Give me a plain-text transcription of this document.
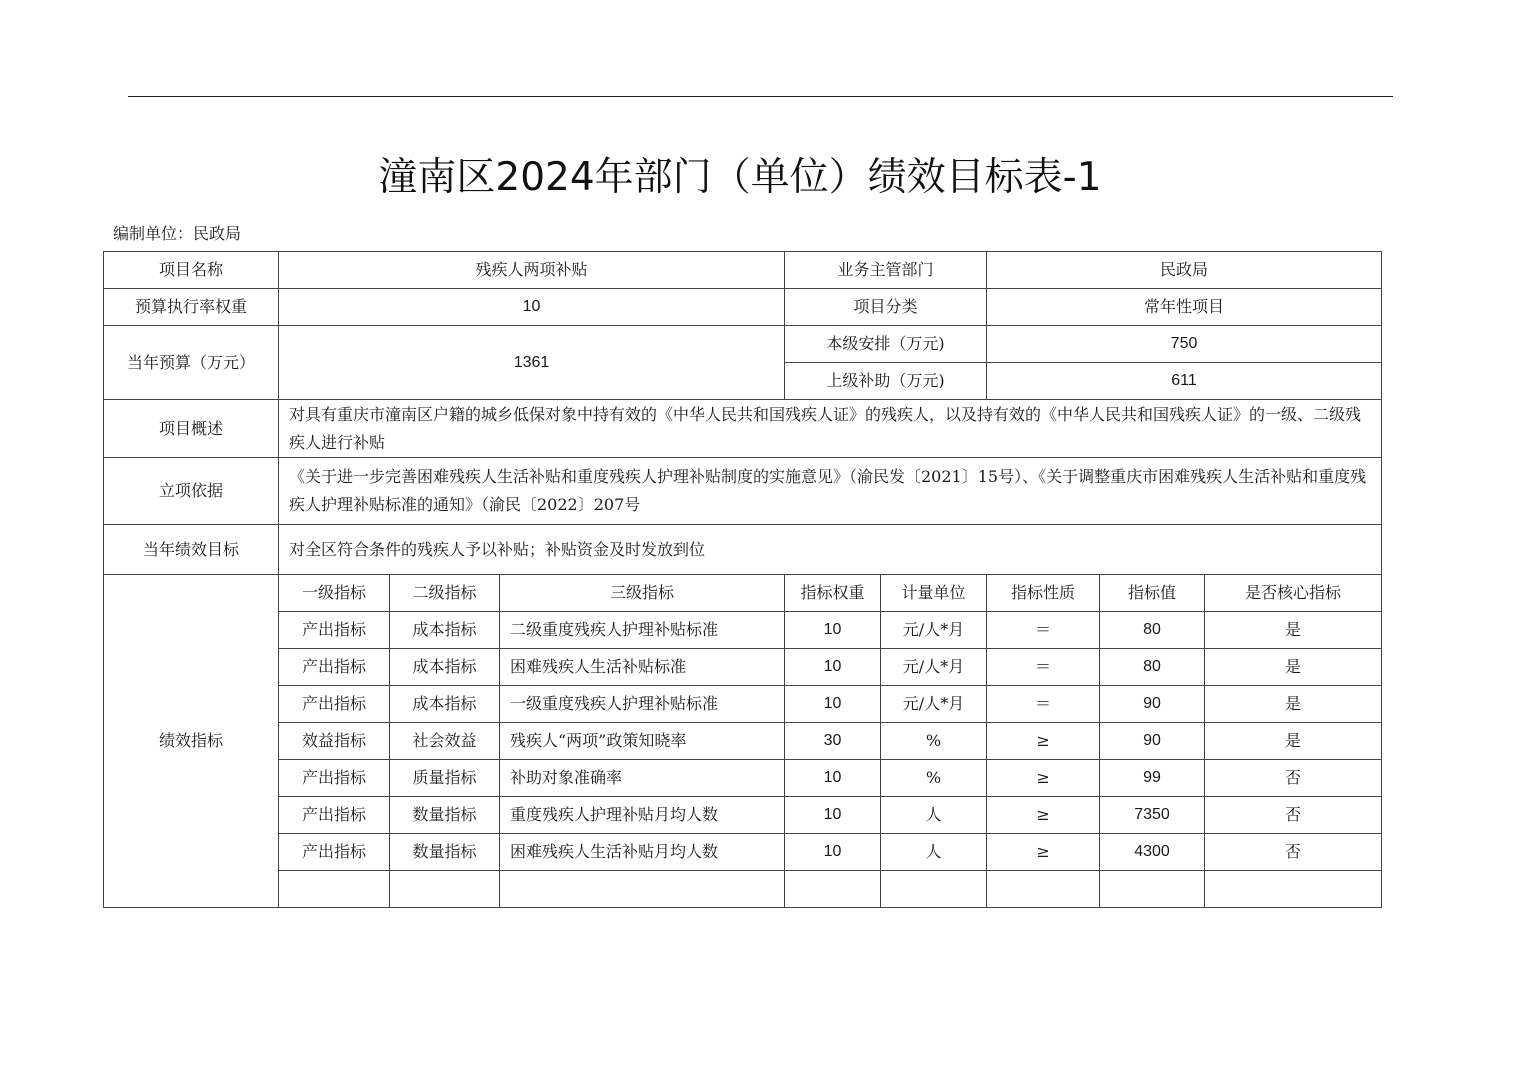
潼南区2024年部门（单位）绩效目标表-1
编制单位：民政局
项目名称	残疾人两项补贴			业务主管部门		民政局		
预算执行率权重	10			项目分类		常年性项目		
当年预算（万元）	1361			本级安排（万元)		750		
				上级补助（万元)		611		
项目概述	对具有重庆市潼南区户籍的城乡低保对象中持有效的《中华人民共和国残疾人证》的残疾人，以及持有效的《中华人民共和国残疾人证》的一级、二级残疾人进行补贴							
立项依据	《关于进一步完善困难残疾人生活补贴和重度残疾人护理补贴制度的实施意见》（渝民发〔2021〕15号）、《关于调整重庆市困难残疾人生活补贴和重度残疾人护理补贴标准的通知》（渝民〔2022〕207号							
当年绩效目标	对全区符合条件的残疾人予以补贴；补贴资金及时发放到位							
绩效指标	一级指标	二级指标	三级指标	指标权重	计量单位	指标性质	指标值	是否核心指标
	产出指标	成本指标	二级重度残疾人护理补贴标准	10	元/人*月	＝	80	是
	产出指标	成本指标	困难残疾人生活补贴标准	10	元/人*月	＝	80	是
	产出指标	成本指标	一级重度残疾人护理补贴标准	10	元/人*月	＝	90	是
	效益指标	社会效益	残疾人“两项”政策知晓率	30	%	≥	90	是
	产出指标	质量指标	补助对象准确率	10	%	≥	99	否
	产出指标	数量指标	重度残疾人护理补贴月均人数	10	人	≥	7350	否
	产出指标	数量指标	困难残疾人生活补贴月均人数	10	人	≥	4300	否
